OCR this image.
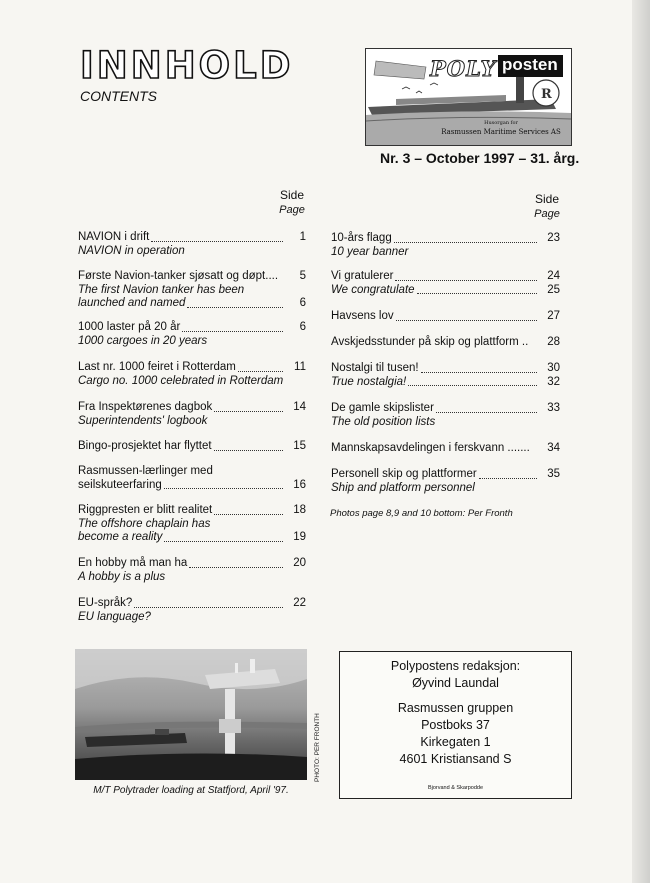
INNHOLD
CONTENTS	R
POLY posten
Husorgan for
Rasmussen Maritime Services AS
Nr. 3 – October 1997 – 31. årg.
Side
Page
Side
Page
NAVION i drift	1
NAVION in operation
Første Navion-tanker sjøsatt og døpt....	5
The first Navion tanker has been
launched and named	6
1000 laster på 20 år	6
1000 cargoes in 20 years
Last nr. 1000 feiret i Rotterdam	11
Cargo no. 1000 celebrated in Rotterdam
Fra Inspektørenes dagbok	14
Superintendents' logbook
Bingo-prosjektet har flyttet	15
Rasmussen-lærlinger med
seilskuteerfaring	16
Riggpresten er blitt realitet	18
The offshore chaplain has
become a reality	19
En hobby må man ha	20
A hobby is a plus
EU-språk?	22
EU language?
10-års flagg	23
10 year banner
Vi gratulerer	24
We congratulate	25
Havsens lov	27
Avskjedsstunder på skip og plattform ..	28
Nostalgi til tusen!	30
True nostalgia!	32
De gamle skipslister	33
The old position lists
Mannskapsavdelingen i ferskvann .......	34
Personell skip og plattformer	35
Ship and platform personnel
Photos page 8,9 and 10 bottom: Per Fronth
PHOTO: PER FRONTH
M/T Polytrader loading at Statfjord, April '97.
Polypostens redaksjon:
Øyvind Laundal
Rasmussen gruppen
Postboks 37
Kirkegaten 1
4601 Kristiansand S
Bjorvand & Skarpodde
